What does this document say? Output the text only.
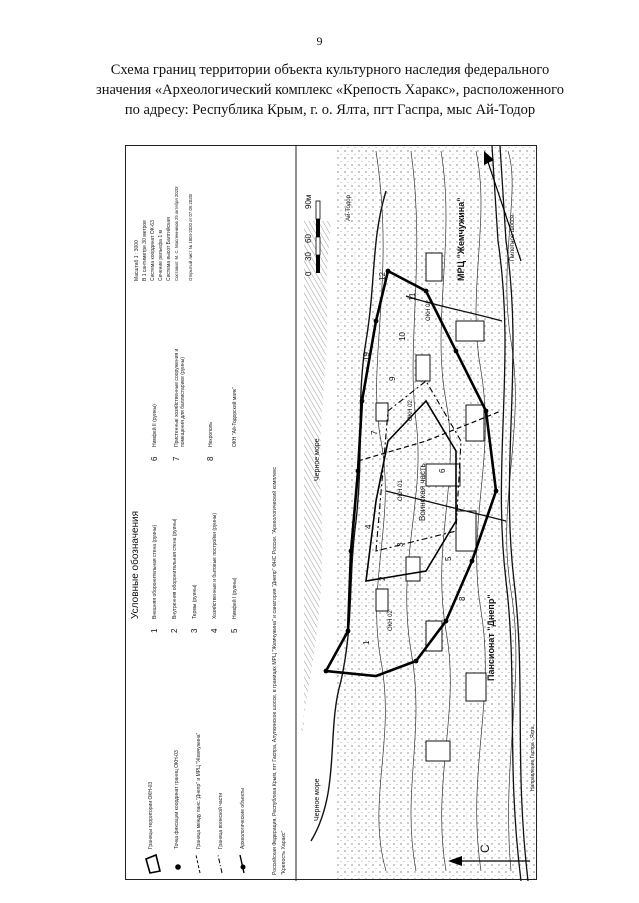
9
Схема границ территории объекта культурного наследия федерального
значения «Археологический комплекс «Крепость Харакс», расположенного
по адресу: Республика Крым, г. о. Ялта, пгт Гаспра, мыс Ай-Тодор
Условные обозначения
Границы территории ОКН-03	Точка фиксации координат границ ОКН-03	Граница между панс."Днепр" и МРЦ "Жемчужина"	Граница воинской части	Археологические объекты
1
Внешняя оборонительная стена (руины)
2
Внутренняя оборонительная стена (руины)
3
Термы (руины)
4
Хозяйственные и бытовые постройки (руины)
5
Нимфей I (руины)
6
Нимфей II (руины)
7
Пристенные хозяйственные сооружения и помещения для баллистариев (руины)
8
Некрополь	ОКН "Ай-Тодорский маяк"
Масштаб 1 : 3000 В 1 сантиметре 30 метров Система координат ОК-63 Сечение рельефа 1 м Система высот Балтийская Составил: М. С. Масленников 25 октября 2020г Открытый лист № 1804-2020 от 07.09.2020г
Российская Федерация, Республика Крым, пгт Гаспра, Алупкинское шоссе, в границах МРЦ "Жемчужина" и санатория "Днепр" ФНС России. "Археологический комплекс "Крепость Харакс"	С
Черное море
Черное море
Пансионат "Днепр"
МРЦ "Жемчужина"
Воинская часть
Пилотное шоссе
Направление Гаспра - Ялта
Ай-Тодор
ОКН 02
ОКН 01
ОКН 02
ОКН 02
1
2
3
4
5
6
7
8
9
10
11
12
19
0
30
60
90м
